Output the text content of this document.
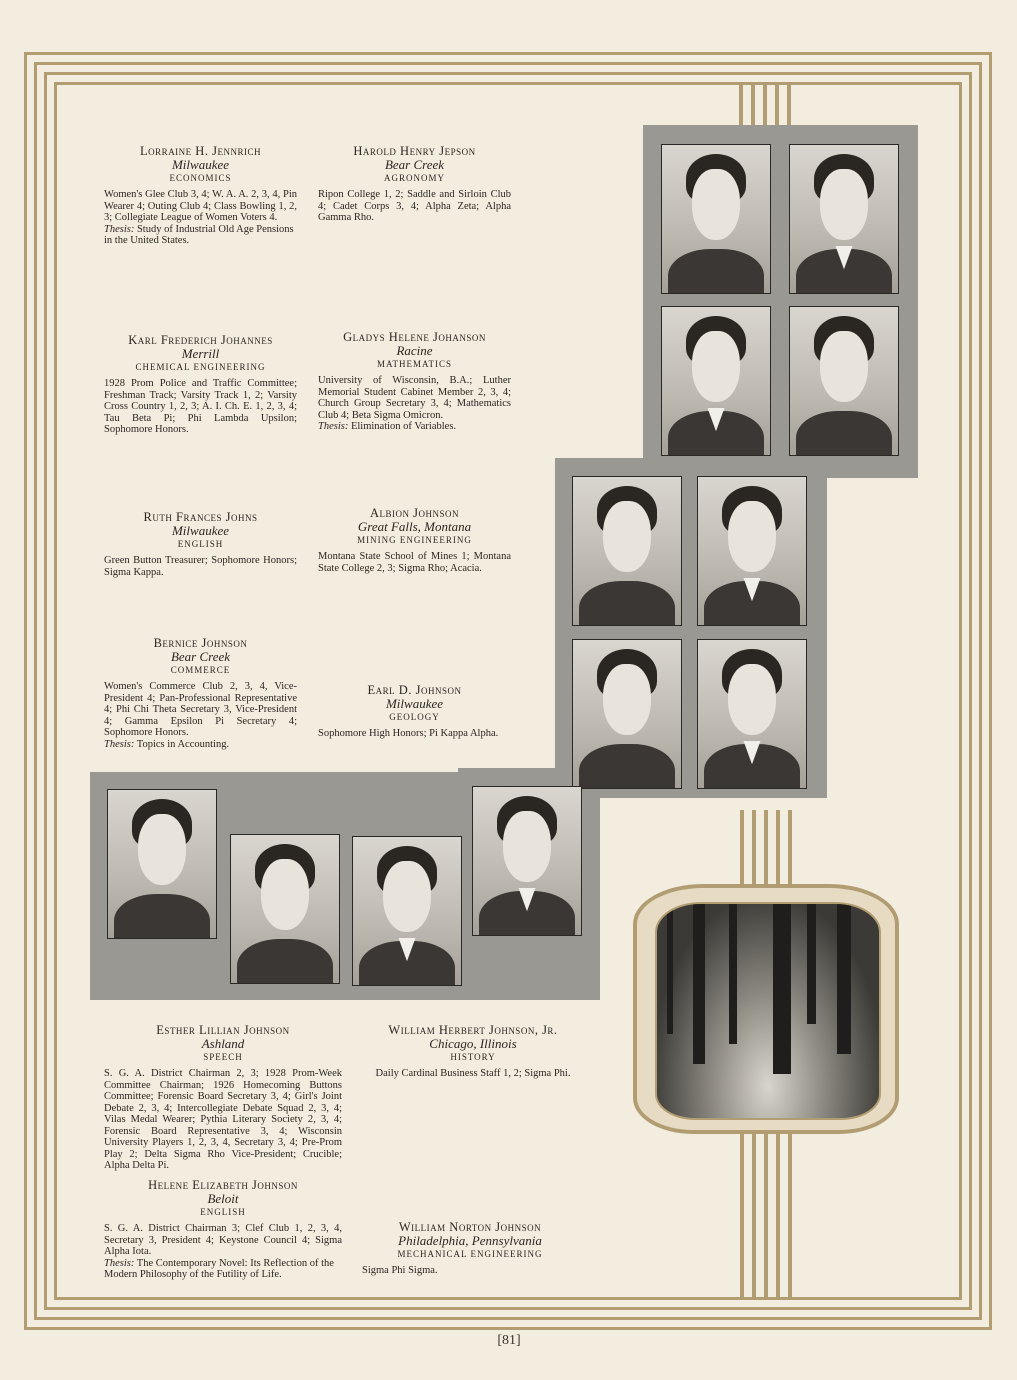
Lorraine H. Jennrich
Milwaukee
ECONOMICS
Women's Glee Club 3, 4; W. A. A. 2, 3, 4, Pin Wearer 4; Outing Club 4; Class Bowling 1, 2, 3; Collegiate League of Women Voters 4.
Thesis: Study of Industrial Old Age Pensions in the United States.
Harold Henry Jepson
Bear Creek
AGRONOMY
Ripon College 1, 2; Saddle and Sirloin Club 4; Cadet Corps 3, 4; Alpha Zeta; Alpha Gamma Rho.
Karl Frederich Johannes
Merrill
CHEMICAL ENGINEERING
1928 Prom Police and Traffic Committee; Freshman Track; Varsity Track 1, 2; Varsity Cross Country 1, 2, 3; A. I. Ch. E. 1, 2, 3, 4; Tau Beta Pi; Phi Lambda Upsilon; Sophomore Honors.
Gladys Helene Johanson
Racine
MATHEMATICS
University of Wisconsin, B.A.; Luther Memorial Student Cabinet Member 2, 3, 4; Church Group Secretary 3, 4; Mathematics Club 4; Beta Sigma Omicron.
Thesis: Elimination of Variables.
Ruth Frances Johns
Milwaukee
ENGLISH
Green Button Treasurer; Sophomore Honors; Sigma Kappa.
Albion Johnson
Great Falls, Montana
MINING ENGINEERING
Montana State School of Mines 1; Montana State College 2, 3; Sigma Rho; Acacia.
Bernice Johnson
Bear Creek
COMMERCE
Women's Commerce Club 2, 3, 4, Vice-President 4; Pan-Professional Representative 4; Phi Chi Theta Secretary 3, Vice-President 4; Gamma Epsilon Pi Secretary 4; Sophomore Honors.
Thesis: Topics in Accounting.
Earl D. Johnson
Milwaukee
GEOLOGY
Sophomore High Honors; Pi Kappa Alpha.
Esther Lillian Johnson
Ashland
SPEECH
S. G. A. District Chairman 2, 3; 1928 Prom-Week Committee Chairman; 1926 Homecoming Buttons Committee; Forensic Board Secretary 3, 4; Girl's Joint Debate 2, 3, 4; Intercollegiate Debate Squad 2, 3, 4; Vilas Medal Wearer; Pythia Literary Society 2, 3, 4; Forensic Board Representative 3, 4; Wisconsin University Players 1, 2, 3, 4, Secretary 3, 4; Pre-Prom Play 2; Delta Sigma Rho Vice-President; Crucible; Alpha Delta Pi.
William Herbert Johnson, Jr.
Chicago, Illinois
HISTORY
Daily Cardinal Business Staff 1, 2; Sigma Phi.
Helene Elizabeth Johnson
Beloit
ENGLISH
S. G. A. District Chairman 3; Clef Club 1, 2, 3, 4, Secretary 3, President 4; Keystone Council 4; Sigma Alpha Iota.
Thesis: The Contemporary Novel: Its Reflection of the Modern Philosophy of the Futility of Life.
William Norton Johnson
Philadelphia, Pennsylvania
MECHANICAL ENGINEERING
Sigma Phi Sigma.
[81]
